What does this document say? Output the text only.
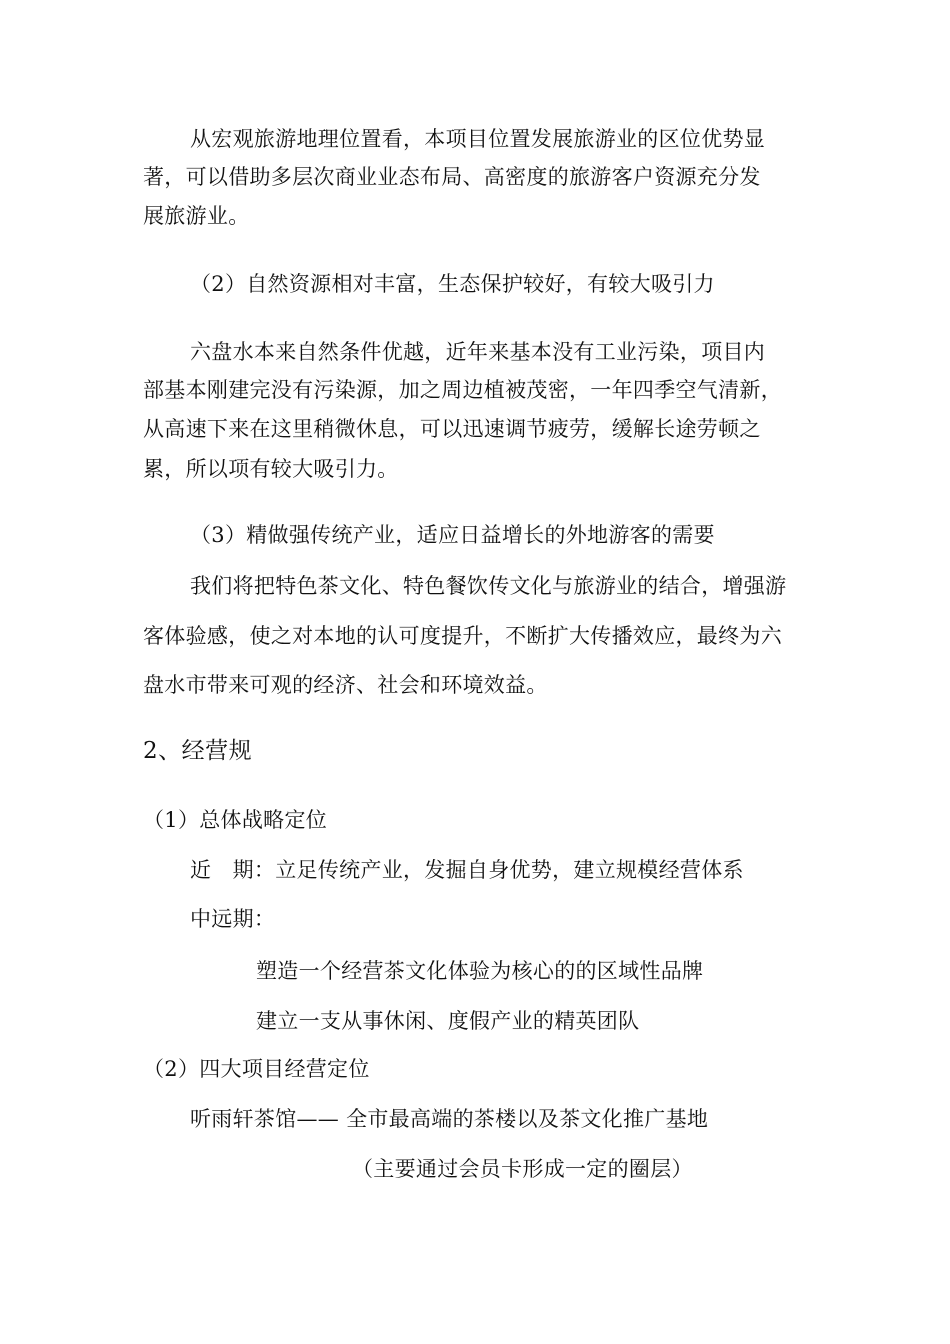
从宏观旅游地理位置看，本项目位置发展旅游业的区位优势显
著，可以借助多层次商业业态布局、高密度的旅游客户资源充分发
展旅游业。
（2）自然资源相对丰富，生态保护较好，有较大吸引力
六盘水本来自然条件优越，近年来基本没有工业污染，项目内
部基本刚建完没有污染源，加之周边植被茂密，一年四季空气清新，
从高速下来在这里稍微休息，可以迅速调节疲劳，缓解长途劳顿之
累，所以项有较大吸引力。
（3）精做强传统产业，适应日益增长的外地游客的需要
我们将把特色茶文化、特色餐饮传文化与旅游业的结合，增强游
客体验感，使之对本地的认可度提升，不断扩大传播效应，最终为六
盘水市带来可观的经济、社会和环境效益。
2、经营规
（1）总体战略定位
近　期：立足传统产业，发掘自身优势，建立规模经营体系
中远期：
塑造一个经营茶文化体验为核心的的区域性品牌
建立一支从事休闲、度假产业的精英团队
（2）四大项目经营定位
听雨轩茶馆—— 全市最高端的茶楼以及茶文化推广基地
（主要通过会员卡形成一定的圈层）
